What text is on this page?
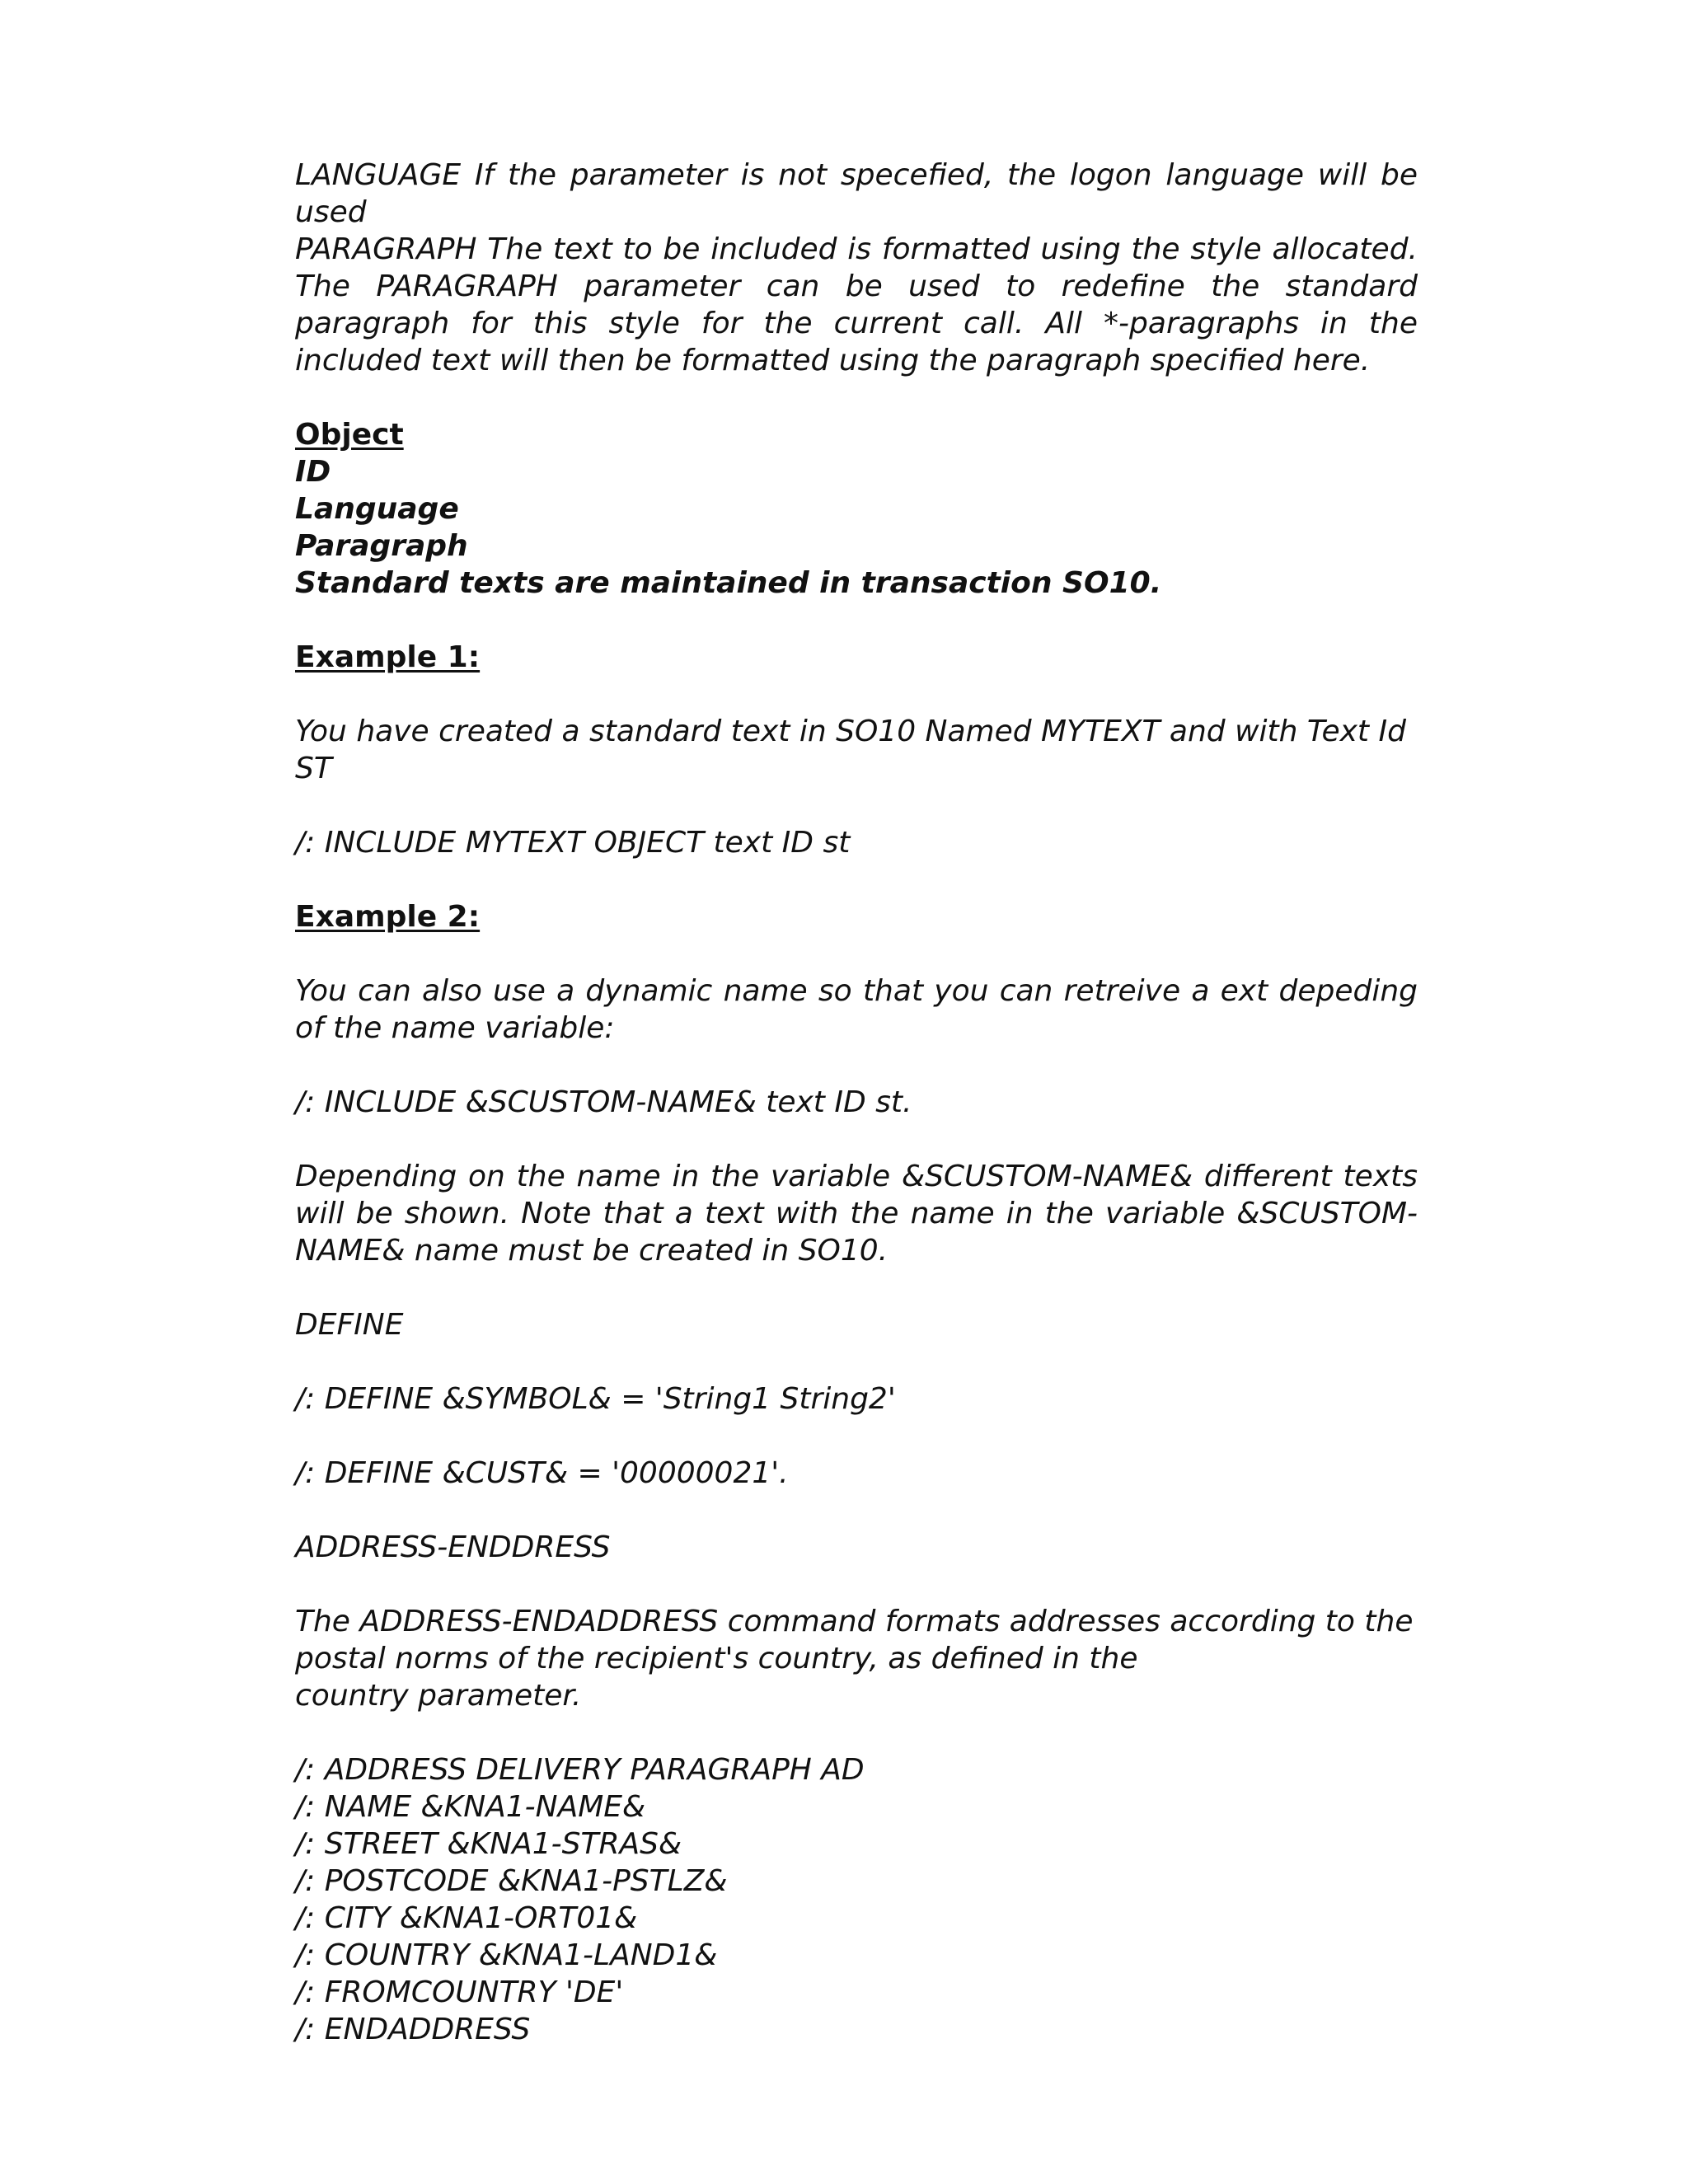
LANGUAGE If the parameter is not specefied, the logon language will be used
PARAGRAPH The text to be included is formatted using the style allocated. The PARAGRAPH parameter can be used to redefine the standard paragraph for this style for the current call. All *-paragraphs in the included text will then be formatted using the paragraph specified here.
Object
ID
Language
Paragraph
Standard texts are maintained in transaction SO10.
Example 1:
You have created a standard text in SO10 Named MYTEXT and with Text Id ST
/: INCLUDE MYTEXT OBJECT text ID st
Example 2:
You can also use a dynamic name so that you can retreive a ext depeding of the name variable:
/: INCLUDE &SCUSTOM-NAME& text ID st.
Depending on the name in the variable &SCUSTOM-NAME& different texts will be shown. Note that a text with the name in the variable &SCUSTOM-NAME& name must be created in SO10.
DEFINE
/: DEFINE &SYMBOL& = 'String1 String2'
/: DEFINE &CUST& = '00000021'.
ADDRESS-ENDDRESS
The ADDRESS-ENDADDRESS command formats addresses according to the
postal norms of the recipient's country, as defined in the
country parameter.
/: ADDRESS DELIVERY PARAGRAPH AD
/: NAME &KNA1-NAME&
/: STREET &KNA1-STRAS&
/: POSTCODE &KNA1-PSTLZ&
/: CITY &KNA1-ORT01&
/: COUNTRY &KNA1-LAND1&
/: FROMCOUNTRY 'DE'
/: ENDADDRESS
